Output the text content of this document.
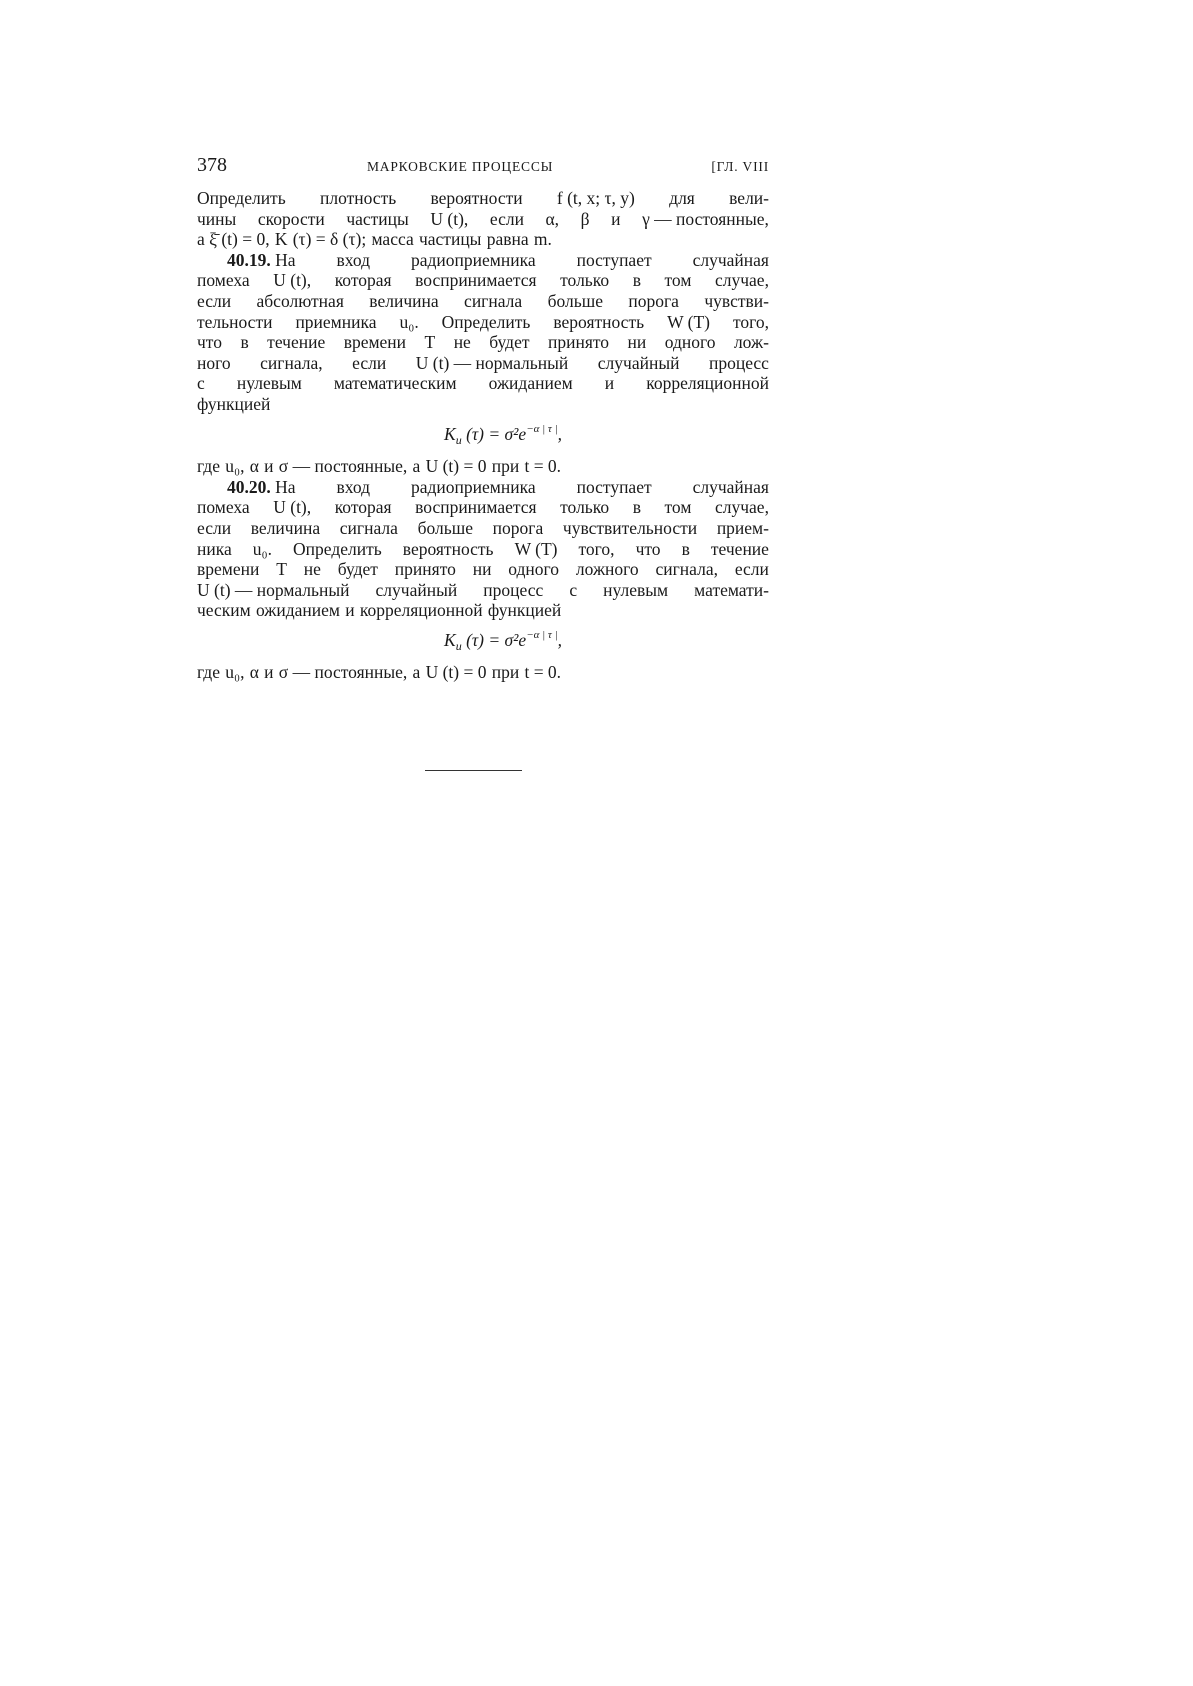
378	МАРКОВСКИЕ ПРОЦЕССЫ	[ГЛ. VIII
Определить плотность вероятности f (t, x; τ, y) для вели-
чины скорости частицы U (t), если α, β и γ — постоянные,
а ξ̄ (t) = 0, K (τ) = δ (τ); масса частицы равна m.
40.19. На вход радиоприемника поступает случайная
помеха U (t), которая воспринимается только в том случае,
если абсолютная величина сигнала больше порога чувстви-
тельности приемника u₀. Определить вероятность W (T) того,
что в течение времени T не будет принято ни одного лож-
ного сигнала, если U (t) — нормальный случайный процесс
с нулевым математическим ожиданием и корреляционной
функцией
$K_u$ $(\tau) = \sigma^2e^{-\alpha | \tau |}$,
где u₀, α и σ — постоянные, а U (t) = 0 при t = 0.
40.20. На вход радиоприемника поступает случайная
помеха U (t), которая воспринимается только в том случае,
если величина сигнала больше порога чувствительности прием-
ника u₀. Определить вероятность W (T) того, что в течение
времени T не будет принято ни одного ложного сигнала, если
U (t) — нормальный случайный процесс с нулевым математи-
ческим ожиданием и корреляционной функцией
$K_u$ $(\tau) = \sigma^2e^{-\alpha | \tau |}$,
где u₀, α и σ — постоянные, а U (t) = 0 при t = 0.
